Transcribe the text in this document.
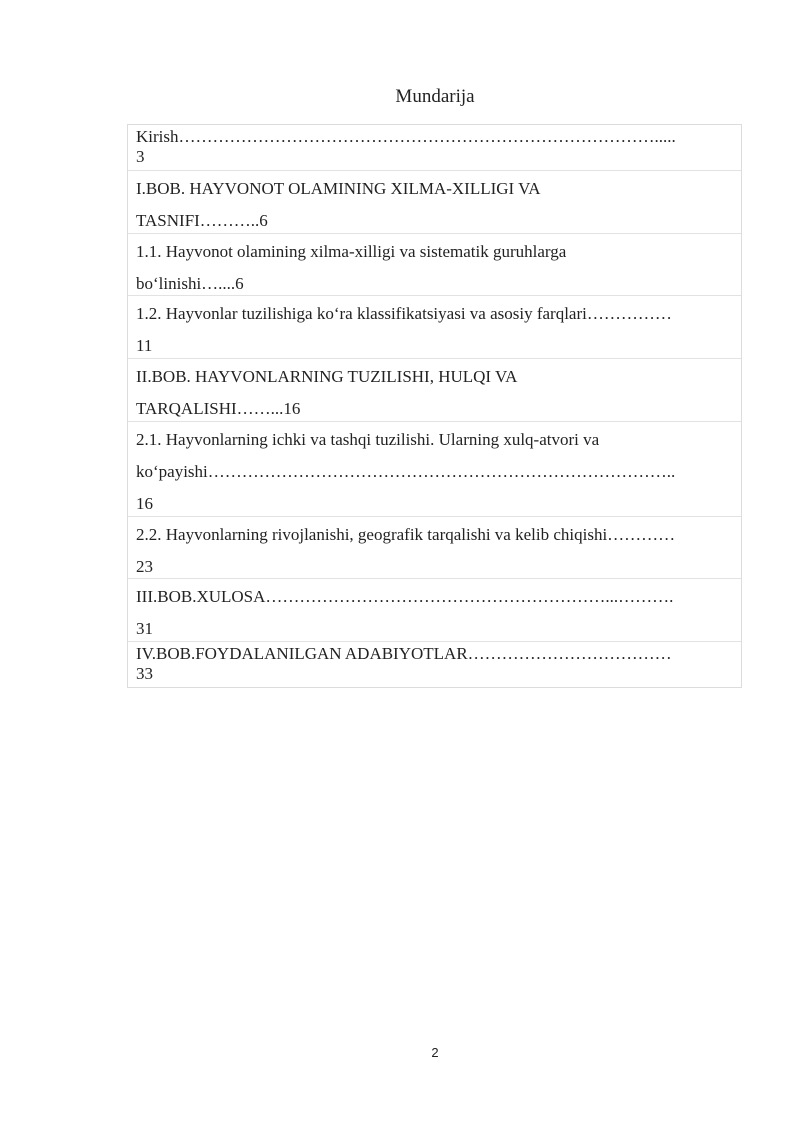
Mundarija
Kirish………………………………………………………………………….....
3
I.BOB. HAYVONOT OLAMINING XILMA-XILLIGI VA
TASNIFI………..6
1.1. Hayvonot olamining xilma-xilligi va sistematik guruhlarga
bo‘linishi…....6
1.2. Hayvonlar tuzilishiga ko‘ra klassifikatsiyasi va asosiy farqlari……………
11
II.BOB. HAYVONLARNING TUZILISHI, HULQI VA
TARQALISHI……...16
2.1. Hayvonlarning ichki va tashqi tuzilishi. Ularning xulq-atvori va
ko‘payishi………………………………………………………………………..
16
2.2. Hayvonlarning rivojlanishi, geografik tarqalishi va kelib chiqishi…………
23
III.BOB.XULOSA……………………………………………………...……….
31
IV.BOB.FOYDALANILGAN ADABIYOTLAR………………………………
33
2
